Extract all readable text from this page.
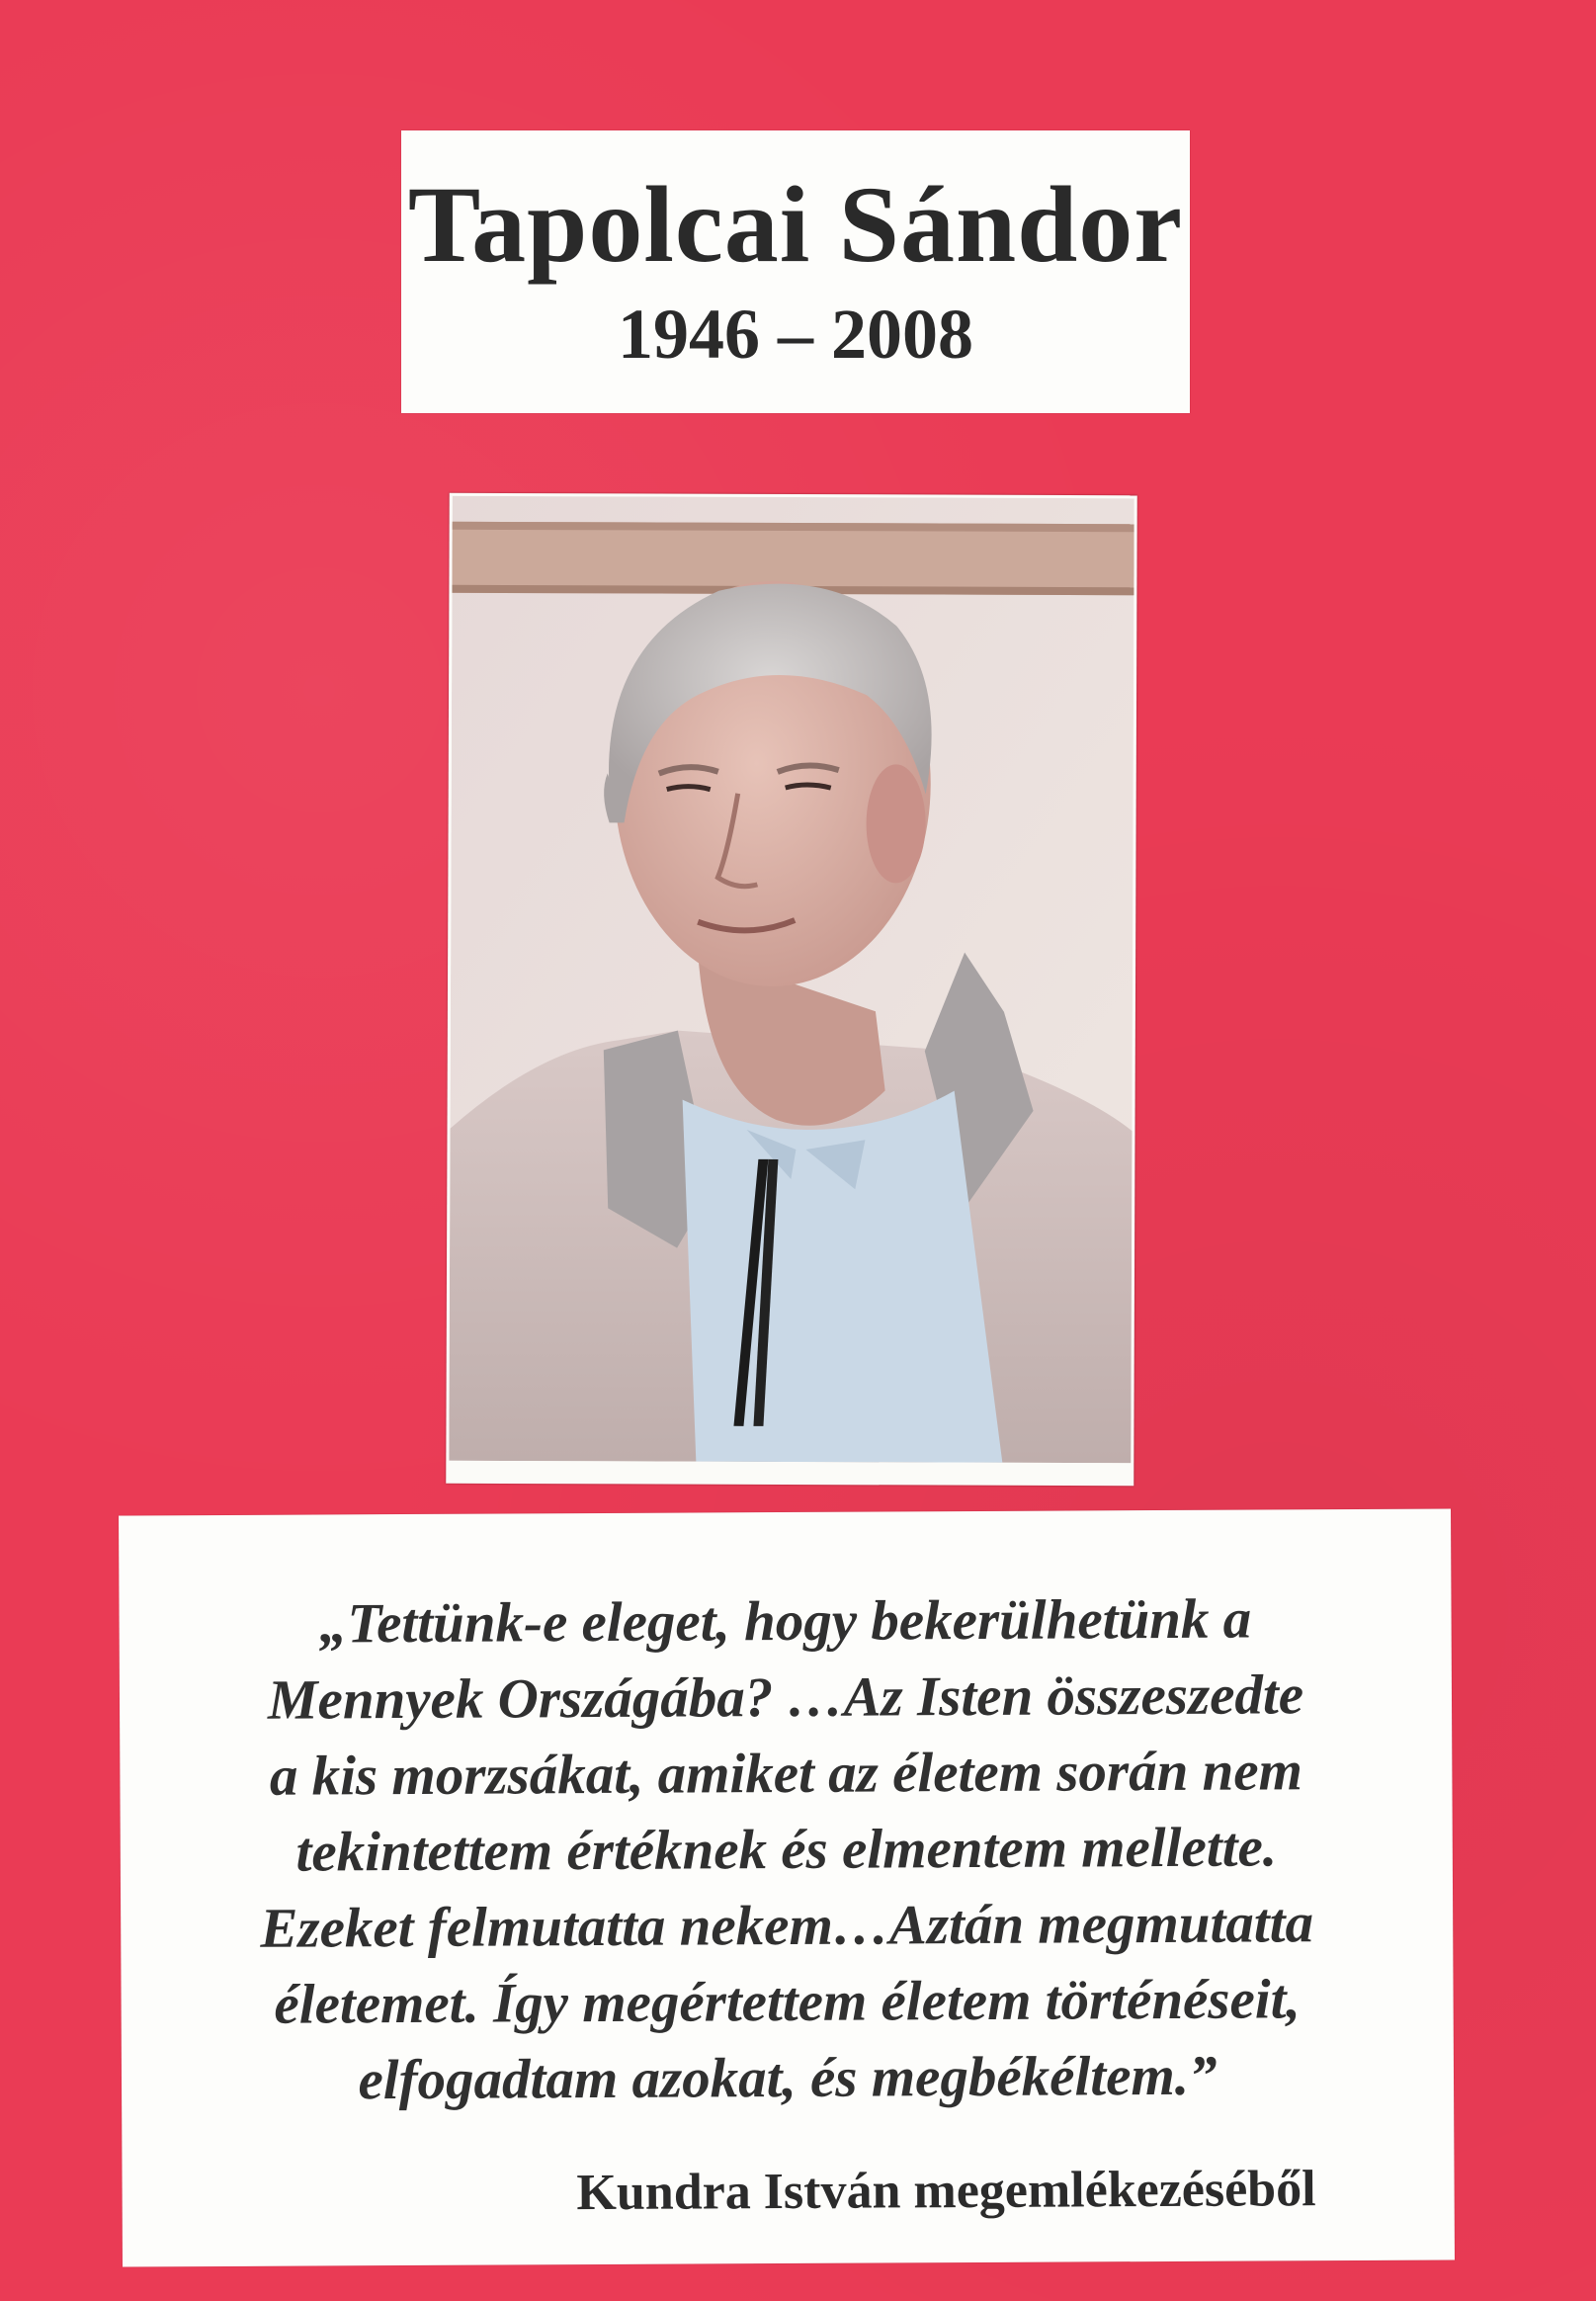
Tapolcai Sándor
1946 – 2008
„Tettünk-e eleget, hogy bekerülhetünk a
Mennyek Országába? …Az Isten összeszedte
a kis morzsákat, amiket az életem során nem
tekintettem értéknek és elmentem mellette.
Ezeket felmutatta nekem…Aztán megmutatta
életemet. Így megértettem életem történéseit,
elfogadtam azokat, és megbékéltem.”
Kundra István megemlékezéséből
